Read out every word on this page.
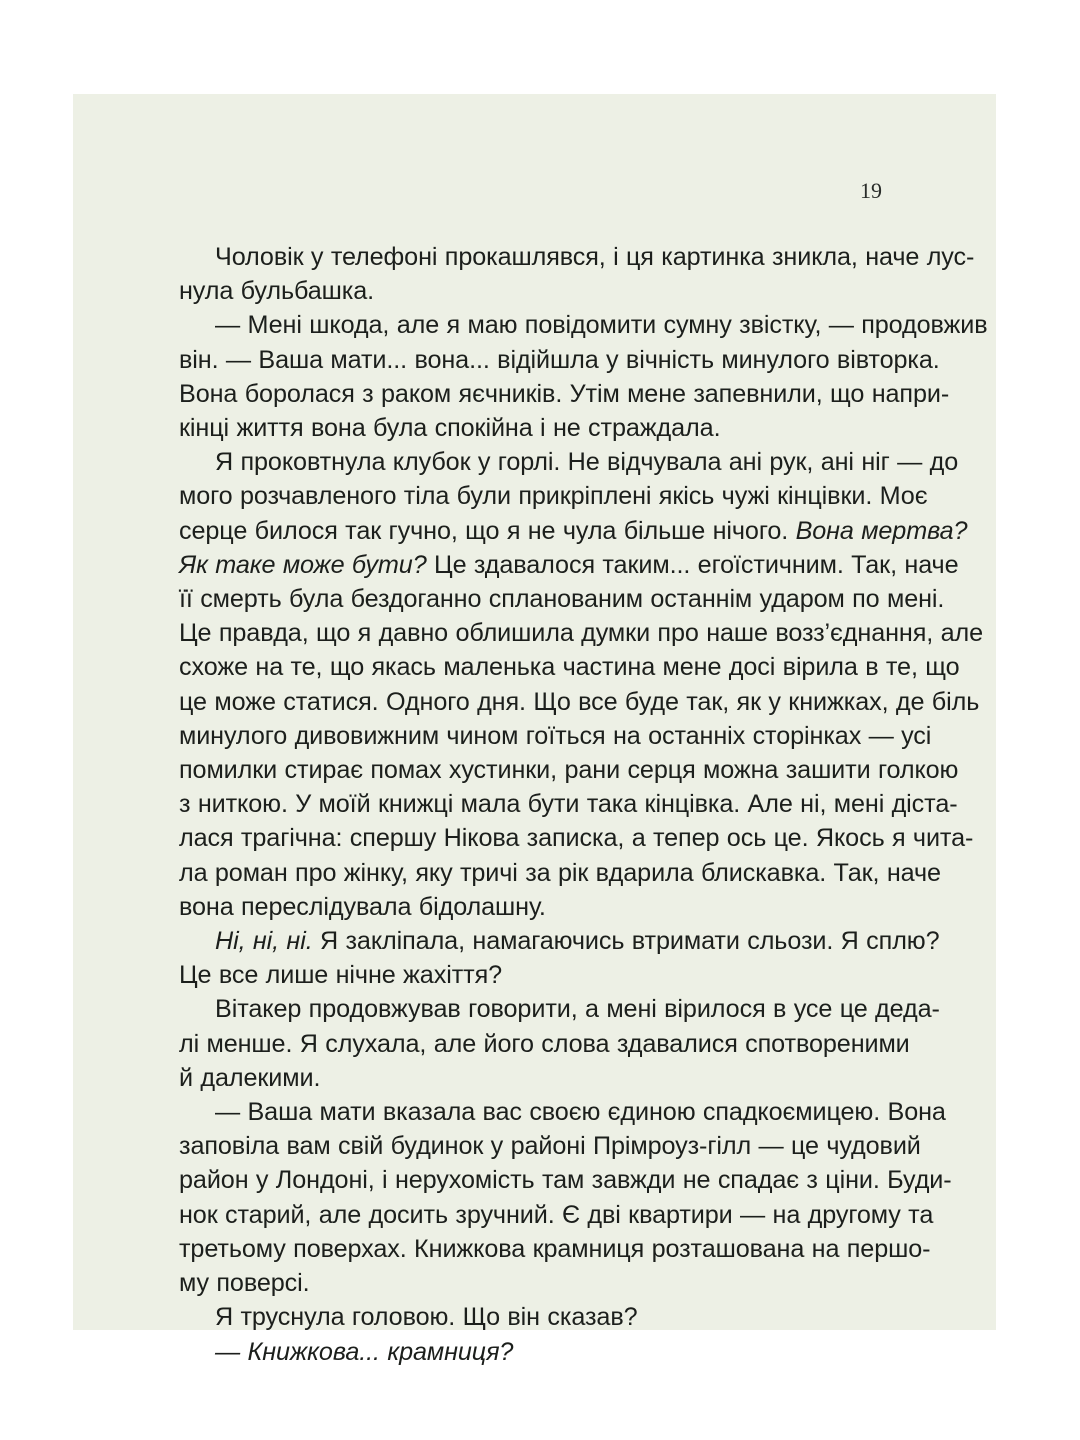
19
Чоловік у телефоні прокашлявся, і ця картинка зникла, наче лус-
нула бульбашка.
— Мені шкода, але я маю повідомити сумну звістку, — продовжив
він. — Ваша мати... вона... відійшла у вічність минулого вівторка.
Вона боролася з раком яєчників. Утім мене запевнили, що напри-
кінці життя вона була спокійна і не страждала.
Я проковтнула клубок у горлі. Не відчувала ані рук, ані ніг — до
мого розчавленого тіла були прикріплені якісь чужі кінцівки. Моє
серце билося так гучно, що я не чула більше нічого. Вона мертва?
Як таке може бути? Це здавалося таким... егоїстичним. Так, наче
її смерть була бездоганно спланованим останнім ударом по мені.
Це правда, що я давно облишила думки про наше возз’єднання, але
схоже на те, що якась маленька частина мене досі вірила в те, що
це може статися. Одного дня. Що все буде так, як у книжках, де біль
минулого дивовижним чином гоїться на останніх сторінках — усі
помилки стирає помах хустинки, рани серця можна зашити голкою
з ниткою. У моїй книжці мала бути така кінцівка. Але ні, мені діста-
лася трагічна: спершу Нікова записка, а тепер ось це. Якось я чита-
ла роман про жінку, яку тричі за рік вдарила блискавка. Так, наче
вона переслідувала бідолашну.
Ні, ні, ні. Я закліпала, намагаючись втримати сльози. Я сплю?
Це все лише нічне жахіття?
Вітакер продовжував говорити, а мені вірилося в усе це деда-
лі менше. Я слухала, але його слова здавалися спотвореними
й далекими.
— Ваша мати вказала вас своєю єдиною спадкоємицею. Вона
заповіла вам свій будинок у районі Прімроуз-гілл — це чудовий
район у Лондоні, і нерухомість там завжди не спадає з ціни. Буди-
нок старий, але досить зручний. Є дві квартири — на другому та
третьому поверхах. Книжкова крамниця розташована на першо-
му поверсі.
Я труснула головою. Що він сказав?
— Книжкова... крамниця?
